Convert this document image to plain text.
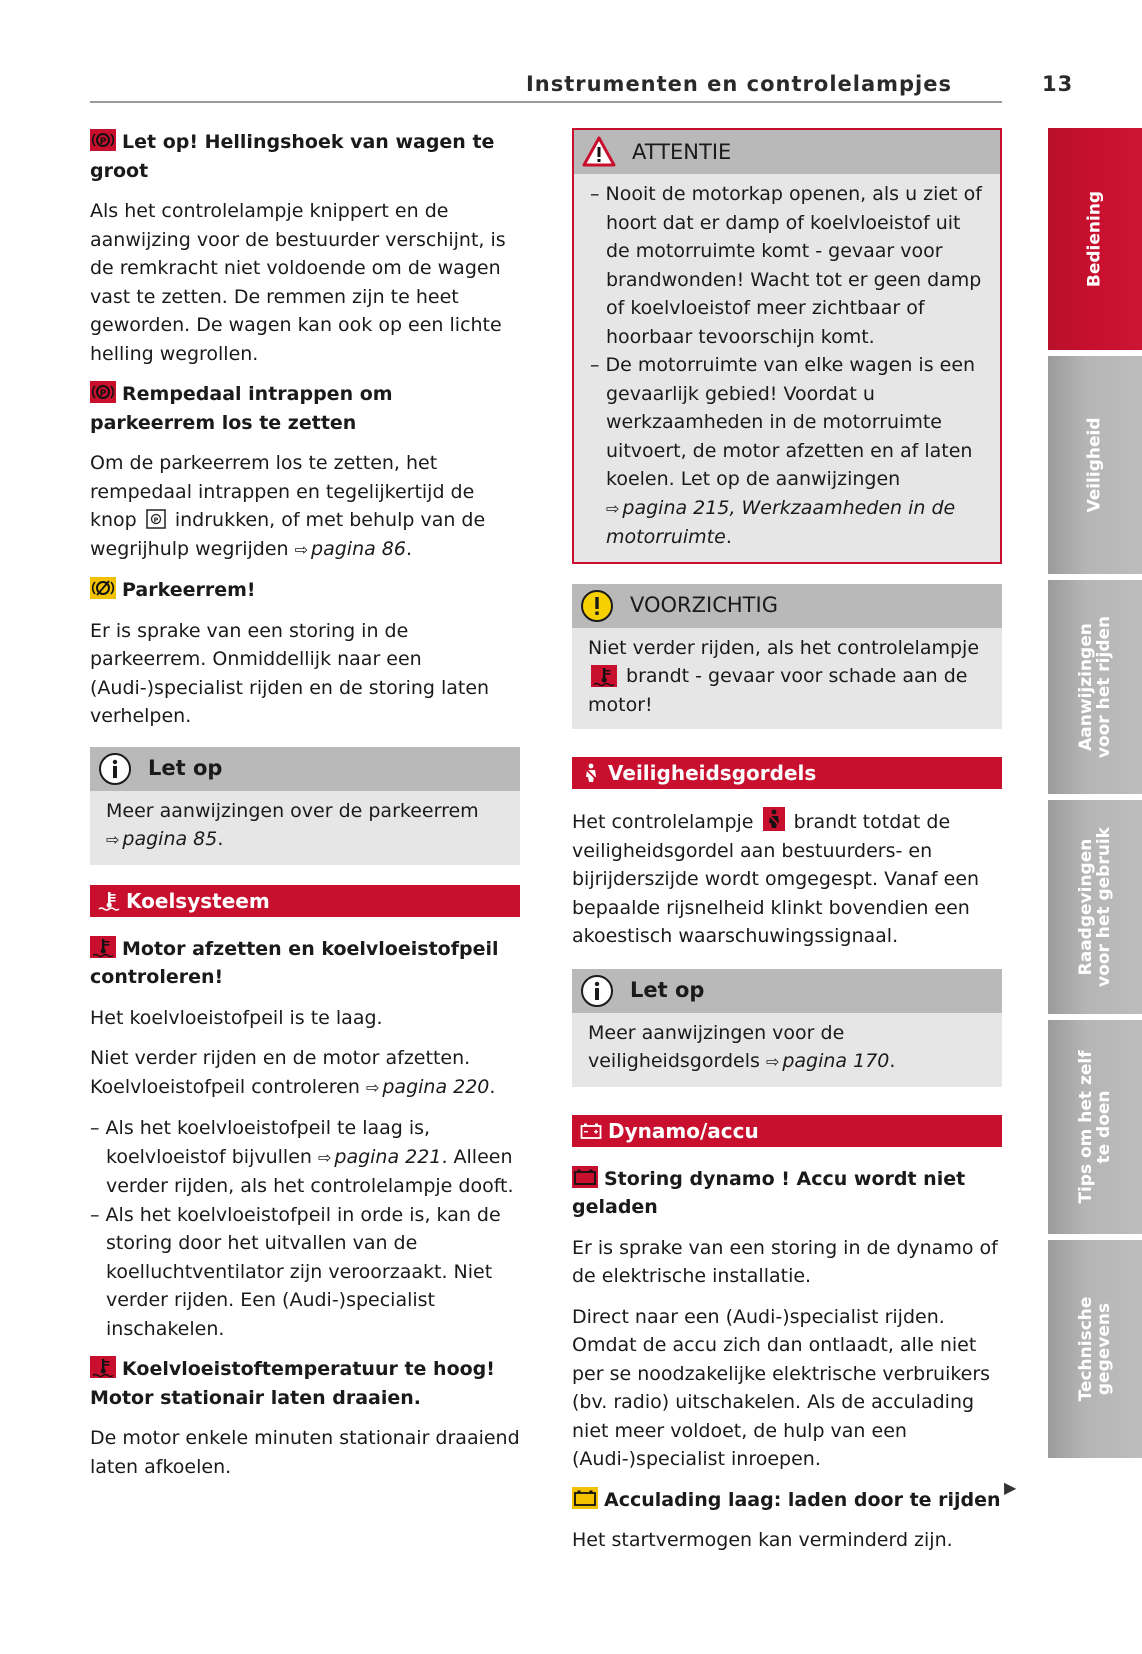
Instrumenten en controlelampjes	13
P Let op! Hellingshoek van wagen te groot

Als het controlelampje knippert en de aanwijzing voor de bestuurder verschijnt, is de remkracht niet voldoende om de wagen vast te zetten. De remmen zijn te heet geworden. De wagen kan ook op een lichte helling wegrollen.

P Rempedaal intrappen om parkeerrem los te zetten

Om de parkeerrem los te zetten, het rempedaal intrappen en tegelijkertijd de knop	P indrukken, of met behulp van de wegrijhulp wegrijden ⇨ pagina 86.

Parkeerrem!

Er is sprake van een storing in de parkeerrem. Onmiddellijk naar een (Audi-)specialist rijden en de storing laten verhelpen.

Let op
Meer aanwijzingen over de parkeerrem
⇨ pagina 85.
Koelsysteem
Motor afzetten en koelvloeistofpeil controleren!

Het koelvloeistofpeil is te laag.

Niet verder rijden en de motor afzetten. Koelvloeistofpeil controleren ⇨ pagina 220.

– Als het koelvloeistofpeil te laag is, koelvloeistof bijvullen ⇨ pagina 221. Alleen verder rijden, als het controlelampje dooft.
– Als het koelvloeistofpeil in orde is, kan de storing door het uitvallen van de koelluchtventilator zijn veroorzaakt. Niet verder rijden. Een (Audi-)specialist inschakelen.
Koelvloeistoftemperatuur te hoog! Motor stationair laten draaien.

De motor enkele minuten stationair draaiend laten afkoelen.

ATTENTIE
– Nooit de motorkap openen, als u ziet of hoort dat er damp of koelvloeistof uit de motorruimte komt - gevaar voor brandwonden! Wacht tot er geen damp of koelvloeistof meer zichtbaar of hoorbaar tevoorschijn komt.
– De motorruimte van elke wagen is een gevaarlijk gebied! Voordat u werkzaamheden in de motorruimte uitvoert, de motor afzetten en af laten koelen. Let op de aanwijzingen ⇨ pagina 215, Werkzaamheden in de motorruimte.
VOORZICHTIG
Niet verder rijden, als het controlelampje
brandt - gevaar voor schade aan de motor!
Veiligheidsgordels

Het controlelampje brandt totdat de veiligheidsgordel aan bestuurders- en bijrijderszijde wordt omgegespt. Vanaf een bepaalde rijsnelheid klinkt bovendien een akoestisch waarschuwingssignaal.

Let op
Meer aanwijzingen voor de veiligheidsgordels ⇨ pagina 170.
Dynamo/accu
Storing dynamo ! Accu wordt niet geladen

Er is sprake van een storing in de dynamo of de elektrische installatie.

Direct naar een (Audi-)specialist rijden. Omdat de accu zich dan ontlaadt, alle niet per se noodzakelijke elektrische verbruikers (bv. radio) uitschakelen. Als de acculading niet meer voldoet, de hulp van een (Audi-)specialist inroepen.

Acculading laag: laden door te rijden

Het startvermogen kan verminderd zijn.

▶
Bediening
Veiligheid
Aanwijzingen voor het rijden
Raadgevingen voor het gebruik
Tips om het zelf te doen
Technische gegevens
